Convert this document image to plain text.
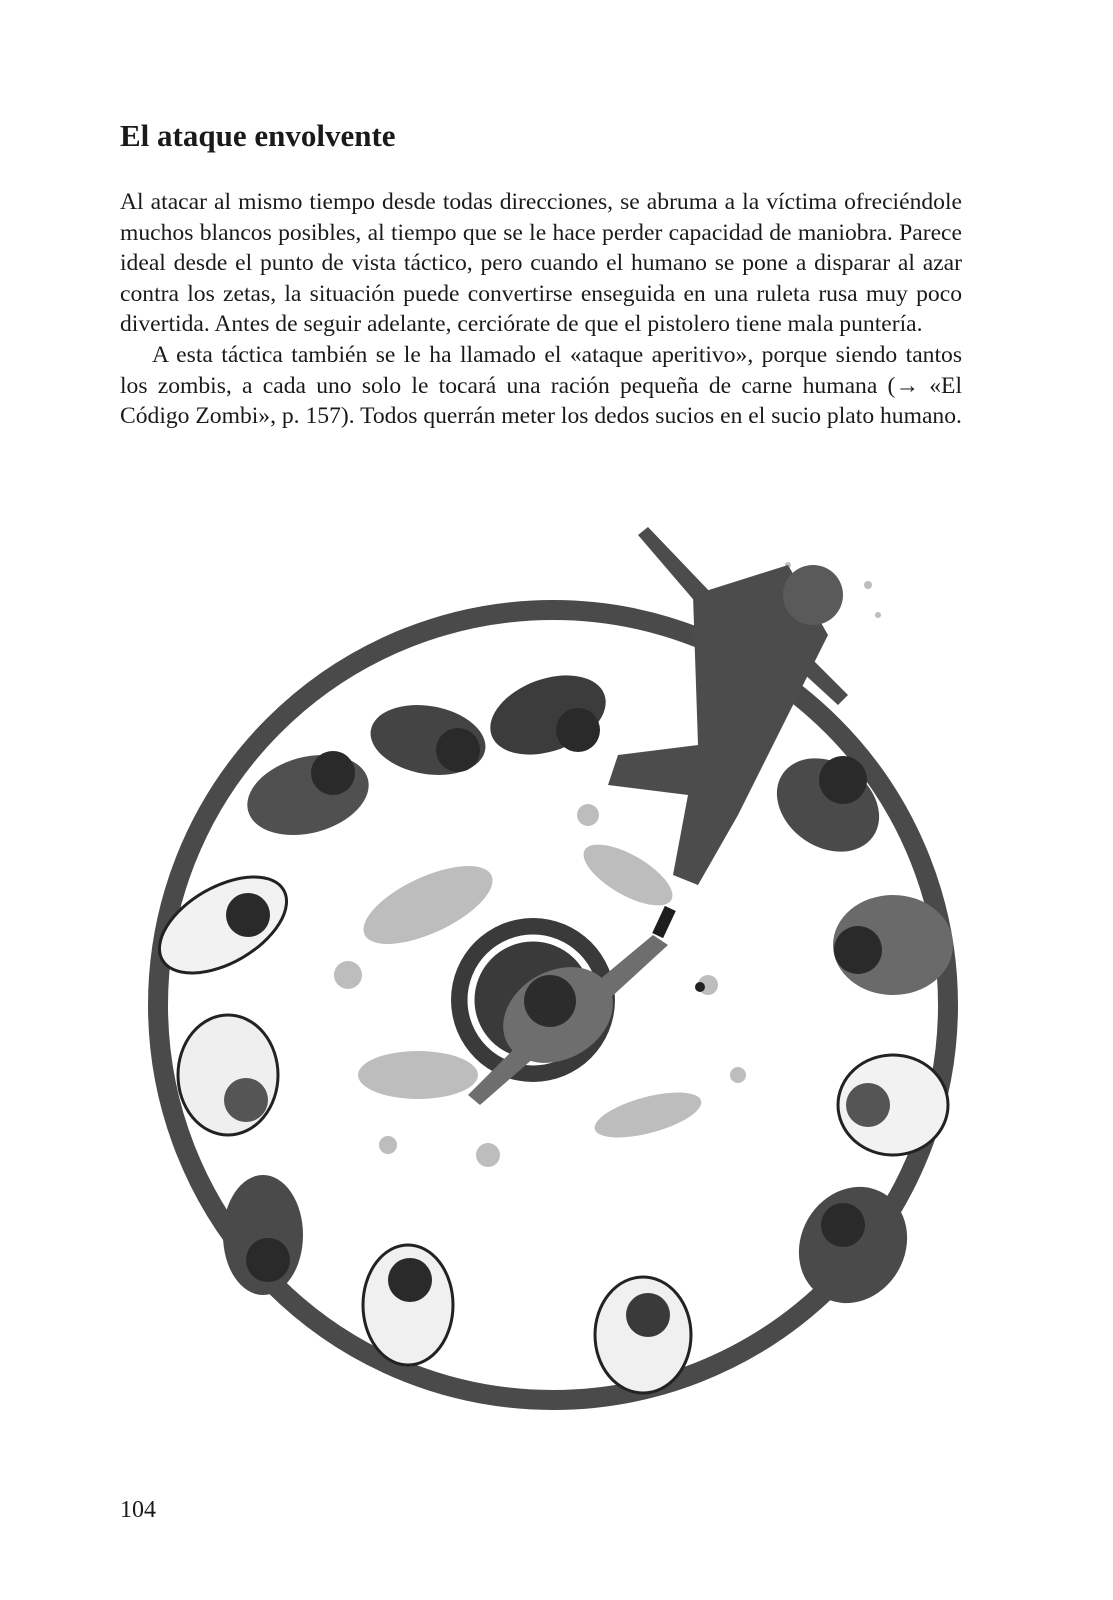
El ataque envolvente

Al atacar al mismo tiempo desde todas direcciones, se abruma a la víctima ofreciéndole muchos blancos posibles, al tiempo que se le hace perder capacidad de maniobra. Parece ideal desde el punto de vista táctico, pero cuando el humano se pone a disparar al azar contra los zetas, la situación puede convertirse enseguida en una ruleta rusa muy poco divertida. Antes de seguir adelante, cerciórate de que el pistolero tiene mala puntería.

A esta táctica también se le ha llamado el «ataque aperitivo», porque siendo tantos los zombis, a cada uno solo le tocará una ración pequeña de carne humana (→ «El Código Zombi», p. 157). Todos querrán meter los dedos sucios en el sucio plato humano.

104
